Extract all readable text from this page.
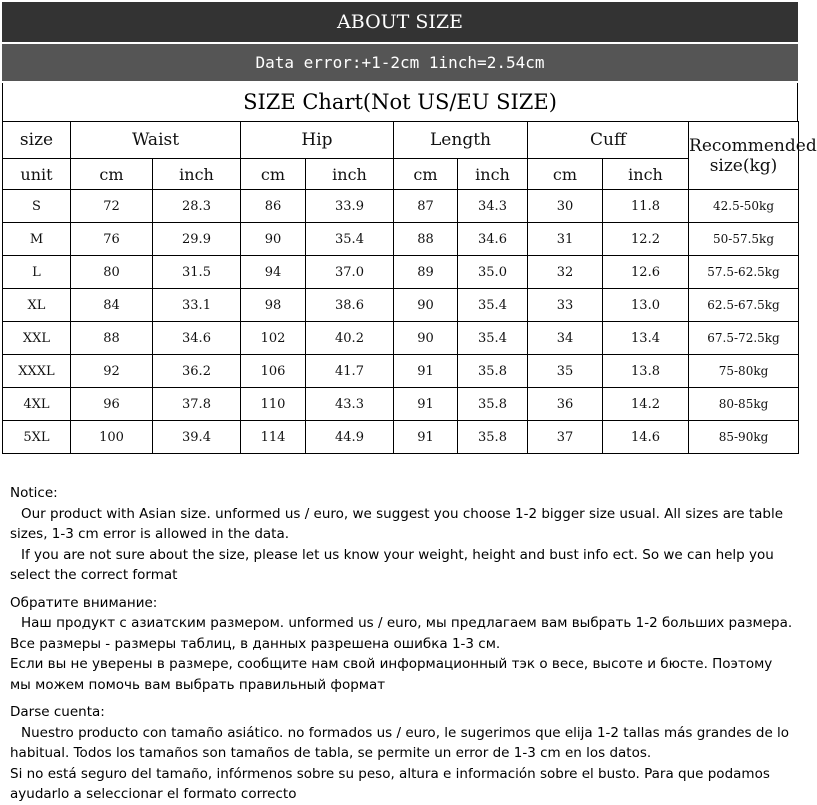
ABOUT SIZE
Data error:+1-2cm 1inch=2.54cm
SIZE Chart(Not US/EU SIZE)
size	Waist		Hip		Length		Cuff		Recommended size(kg)
unit	cm	inch	cm	inch	cm	inch	cm	inch	
S	72	28.3	86	33.9	87	34.3	30	11.8	42.5-50kg
M	76	29.9	90	35.4	88	34.6	31	12.2	50-57.5kg
L	80	31.5	94	37.0	89	35.0	32	12.6	57.5-62.5kg
XL	84	33.1	98	38.6	90	35.4	33	13.0	62.5-67.5kg
XXL	88	34.6	102	40.2	90	35.4	34	13.4	67.5-72.5kg
XXXL	92	36.2	106	41.7	91	35.8	35	13.8	75-80kg
4XL	96	37.8	110	43.3	91	35.8	36	14.2	80-85kg
5XL	100	39.4	114	44.9	91	35.8	37	14.6	85-90kg

Notice:

Our product with Asian size. unformed us / euro, we suggest you choose 1-2 bigger size usual. All sizes are table sizes, 1-3 cm error is allowed in the data.

If you are not sure about the size, please let us know your weight, height and bust info ect. So we can help you select the correct format

Обратите внимание:

Наш продукт с азиатским размером. unformed us / euro, мы предлагаем вам выбрать 1-2 больших размера. Все размеры - размеры таблиц, в данных разрешена ошибка 1-3 см.

Если вы не уверены в размере, сообщите нам свой информационный тэк о весе, высоте и бюсте. Поэтому мы можем помочь вам выбрать правильный формат

Darse cuenta:

Nuestro producto con tamaño asiático. no formados us / euro, le sugerimos que elija 1-2 tallas más grandes de lo habitual. Todos los tamaños son tamaños de tabla, se permite un error de 1-3 cm en los datos.

Si no está seguro del tamaño, infórmenos sobre su peso, altura e información sobre el busto. Para que podamos ayudarlo a seleccionar el formato correcto
